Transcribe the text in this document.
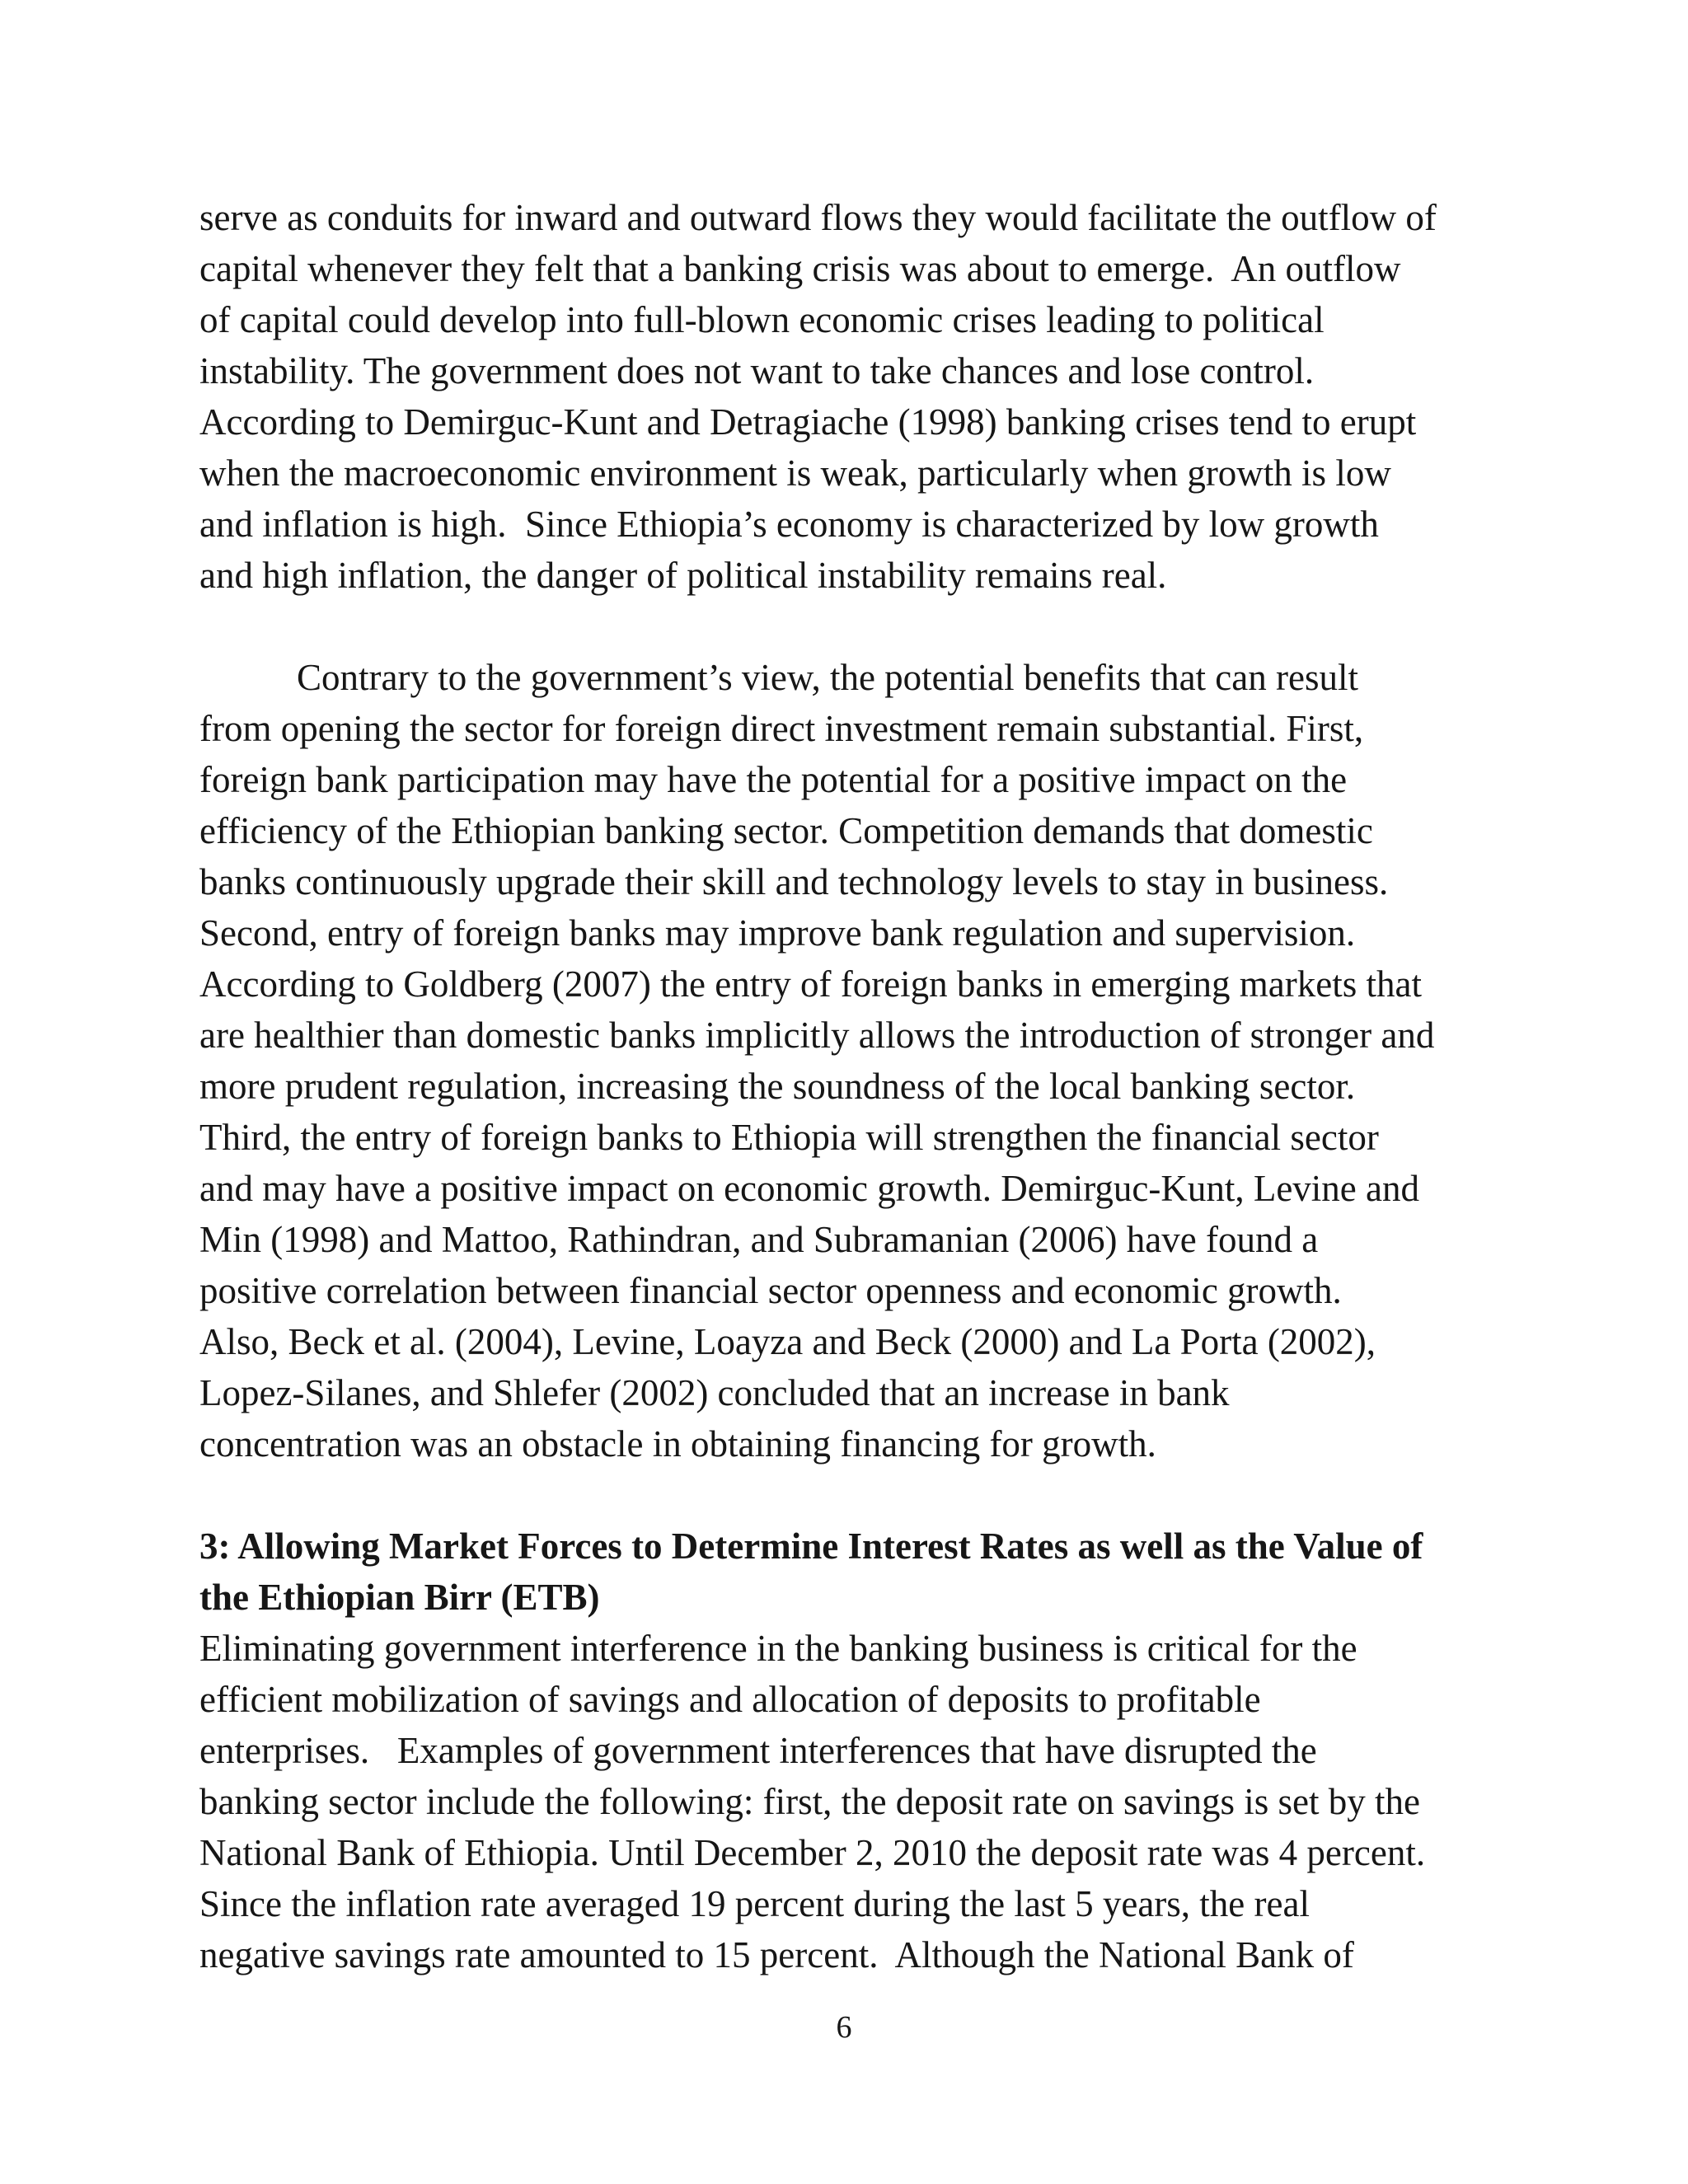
serve as conduits for inward and outward flows they would facilitate the outflow of
capital whenever they felt that a banking crisis was about to emerge.  An outflow
of capital could develop into full-blown economic crises leading to political
instability. The government does not want to take chances and lose control.
According to Demirguc-Kunt and Detragiache (1998) banking crises tend to erupt
when the macroeconomic environment is weak, particularly when growth is low
and inflation is high.  Since Ethiopia’s economy is characterized by low growth
and high inflation, the danger of political instability remains real.
Contrary to the government’s view, the potential benefits that can result
from opening the sector for foreign direct investment remain substantial. First,
foreign bank participation may have the potential for a positive impact on the
efficiency of the Ethiopian banking sector. Competition demands that domestic
banks continuously upgrade their skill and technology levels to stay in business.
Second, entry of foreign banks may improve bank regulation and supervision.
According to Goldberg (2007) the entry of foreign banks in emerging markets that
are healthier than domestic banks implicitly allows the introduction of stronger and
more prudent regulation, increasing the soundness of the local banking sector.
Third, the entry of foreign banks to Ethiopia will strengthen the financial sector
and may have a positive impact on economic growth. Demirguc-Kunt, Levine and
Min (1998) and Mattoo, Rathindran, and Subramanian (2006) have found a
positive correlation between financial sector openness and economic growth.
Also, Beck et al. (2004), Levine, Loayza and Beck (2000) and La Porta (2002),
Lopez-Silanes, and Shlefer (2002) concluded that an increase in bank
concentration was an obstacle in obtaining financing for growth.
3: Allowing Market Forces to Determine Interest Rates as well as the Value of
the Ethiopian Birr (ETB)
Eliminating government interference in the banking business is critical for the
efficient mobilization of savings and allocation of deposits to profitable
enterprises.   Examples of government interferences that have disrupted the
banking sector include the following: first, the deposit rate on savings is set by the
National Bank of Ethiopia. Until December 2, 2010 the deposit rate was 4 percent.
Since the inflation rate averaged 19 percent during the last 5 years, the real
negative savings rate amounted to 15 percent.  Although the National Bank of
6
